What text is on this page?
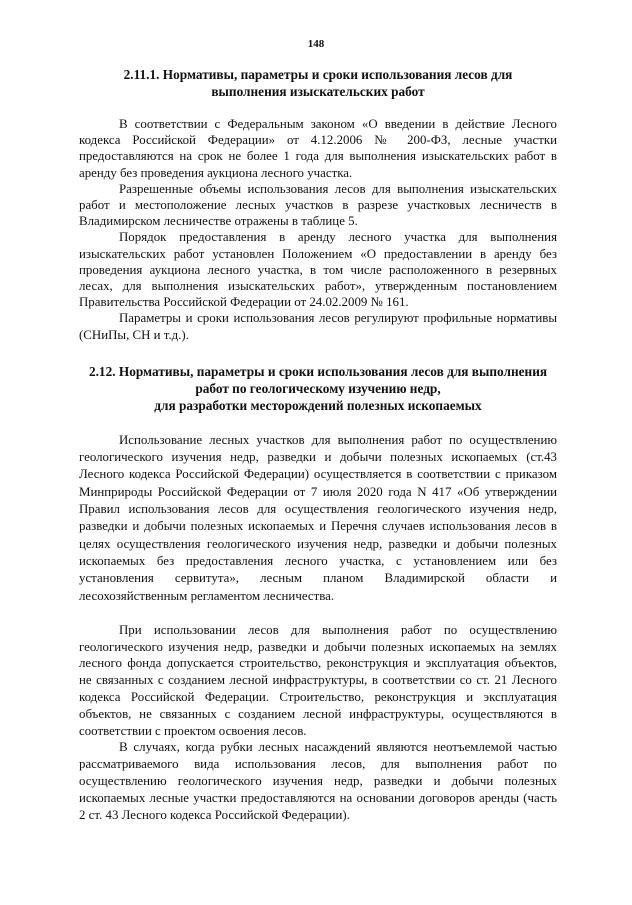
148
2.11.1. Нормативы, параметры и сроки использования лесов для
выполнения изыскательских работ

В соответствии с Федеральным законом «О введении в действие Лесного кодекса Российской Федерации» от 4.12.2006 № 200-ФЗ, лесные участки предоставляются на срок не более 1 года для выполнения изыскательских работ в аренду без проведения аукциона лесного участка.

Разрешенные объемы использования лесов для выполнения изыскательских работ и местоположение лесных участков в разрезе участковых лесничеств в Владимирском лесничестве отражены в таблице 5.

Порядок предоставления в аренду лесного участка для выполнения изыскательских работ установлен Положением «О предоставлении в аренду без проведения аукциона лесного участка, в том числе расположенного в резервных лесах, для выполнения изыскательских работ», утвержденным постановлением Правительства Российской Федерации от 24.02.2009 № 161.

Параметры и сроки использования лесов регулируют профильные нормативы (СНиПы, СН и т.д.).

2.12. Нормативы, параметры и сроки использования лесов для выполнения
работ по геологическому изучению недр,
для разработки месторождений полезных ископаемых

Использование лесных участков для выполнения работ по осуществлению геологического изучения недр, разведки и добычи полезных ископаемых (ст.43 Лесного кодекса Российской Федерации) осуществляется в соответствии с приказом Минприроды Российской Федерации от 7 июля 2020 года N 417 «Об утверждении Правил использования лесов для осуществления геологического изучения недр, разведки и добычи полезных ископаемых и Перечня случаев использования лесов в целях осуществления геологического изучения недр, разведки и добычи полезных ископаемых без предоставления лесного участка, с установлением или без установления сервитута», лесным планом Владимирской области и лесохозяйственным регламентом лесничества.

При использовании лесов для выполнения работ по осуществлению геологического изучения недр, разведки и добычи полезных ископаемых на землях лесного фонда допускается строительство, реконструкция и эксплуатация объектов, не связанных с созданием лесной инфраструктуры, в соответствии со ст. 21 Лесного кодекса Российской Федерации. Строительство, реконструкция и эксплуатация объектов, не связанных с созданием лесной инфраструктуры, осуществляются в соответствии с проектом освоения лесов.

В случаях, когда рубки лесных насаждений являются неотъемлемой частью рассматриваемого вида использования лесов, для выполнения работ по осуществлению геологического изучения недр, разведки и добычи полезных ископаемых лесные участки предоставляются на основании договоров аренды (часть 2 ст. 43 Лесного кодекса Российской Федерации).
